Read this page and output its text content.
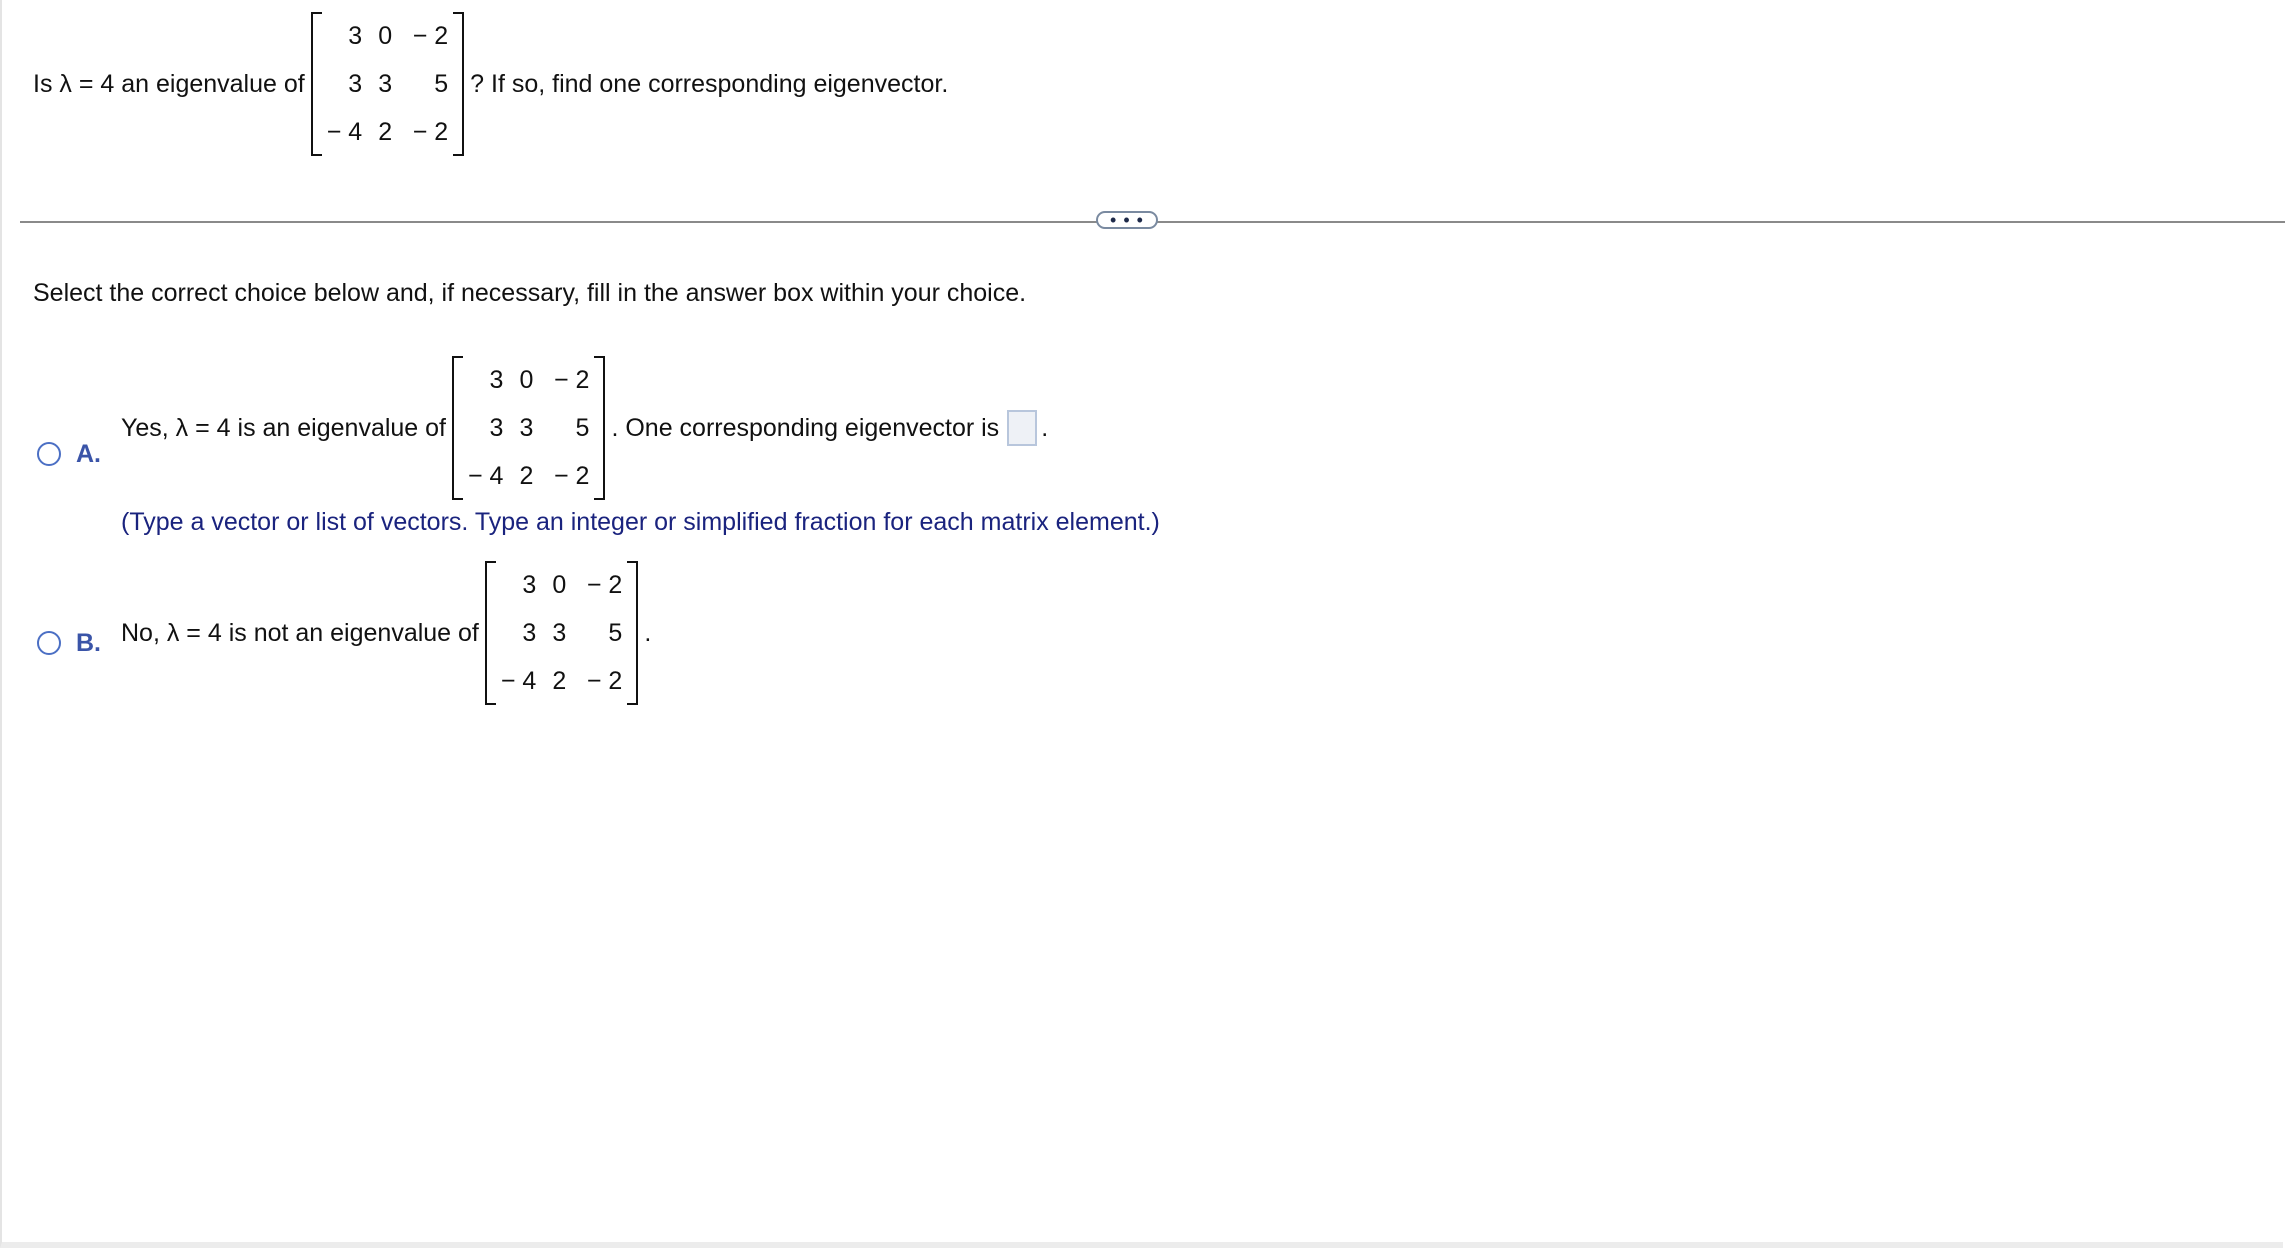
Is λ = 4 an eigenvalue of
3	0	− 2
3	3	5
− 4	2	− 2
? If so, find one corresponding eigenvector.
• • •
Select the correct choice below and, if necessary, fill in the answer box within your choice.
A.
Yes, λ = 4 is an eigenvalue of
3	0	− 2
3	3	5
− 4	2	− 2
. One corresponding eigenvector is .
(Type a vector or list of vectors. Type an integer or simplified fraction for each matrix element.)
B. No, λ = 4 is not an eigenvalue of
3	0	− 2
3	3	5
− 4	2	− 2
.
